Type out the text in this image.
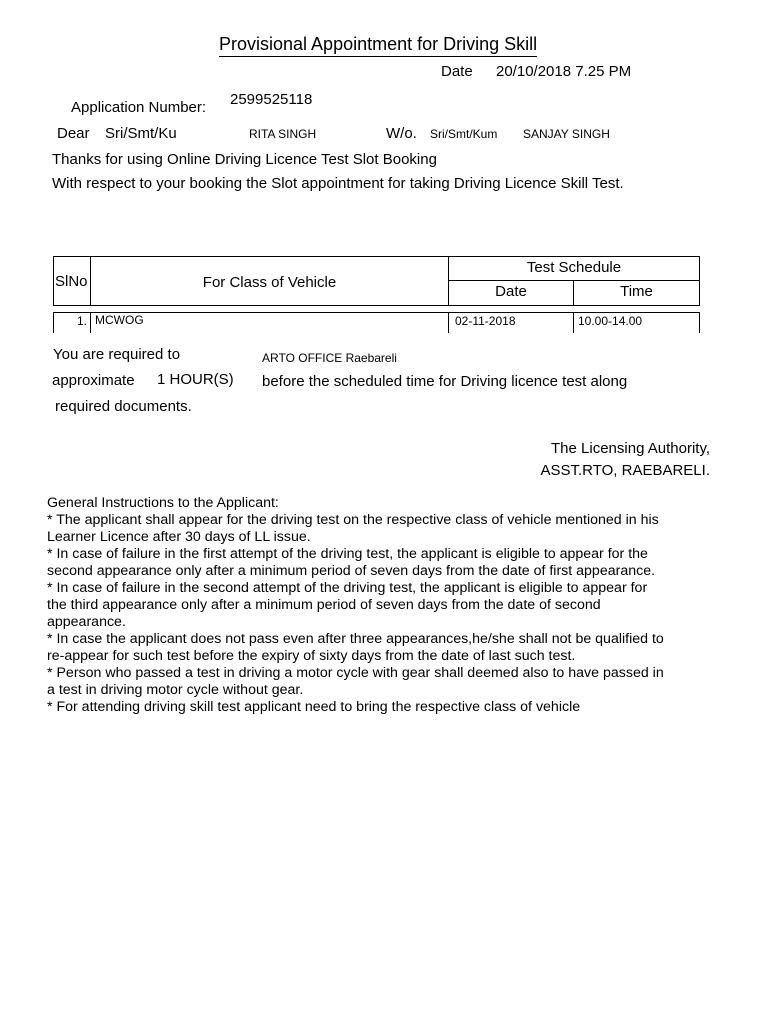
Provisional Appointment for Driving Skill
Date 20/10/2018 7.25 PM
Application Number: 2599525118
Dear Sri/Smt/Ku	RITA SINGH	W/o. Sri/Smt/Kum SANJAY SINGH
Thanks for using Online Driving Licence Test Slot Booking
With respect to your booking the Slot appointment for taking Driving Licence Skill Test.
SlNo	For Class of Vehicle
Test Schedule
Date	Time
1. MCWOG	02-11-2018	10.00-14.00
You are required to	ARTO OFFICE Raebareli
approximate 1 HOUR(S) before the scheduled time for Driving licence test along
required documents.
The Licensing Authority,
ASST.RTO, RAEBARELI.
General Instructions to the Applicant:
* The applicant shall appear for the driving test on the respective class of vehicle mentioned in his
Learner Licence after 30 days of LL issue.
* In case of failure in the first attempt of the driving test, the applicant is eligible to appear for the
second appearance only after a minimum period of seven days from the date of first appearance.
* In case of failure in the second attempt of the driving test, the applicant is eligible to appear for
the third appearance only after a minimum period of seven days from the date of second
appearance.
* In case the applicant does not pass even after three appearances,he/she shall not be qualified to
re-appear for such test before the expiry of sixty days from the date of last such test.
* Person who passed a test in driving a motor cycle with gear shall deemed also to have passed in
a test in driving motor cycle without gear.
* For attending driving skill test applicant need to bring the respective class of vehicle
